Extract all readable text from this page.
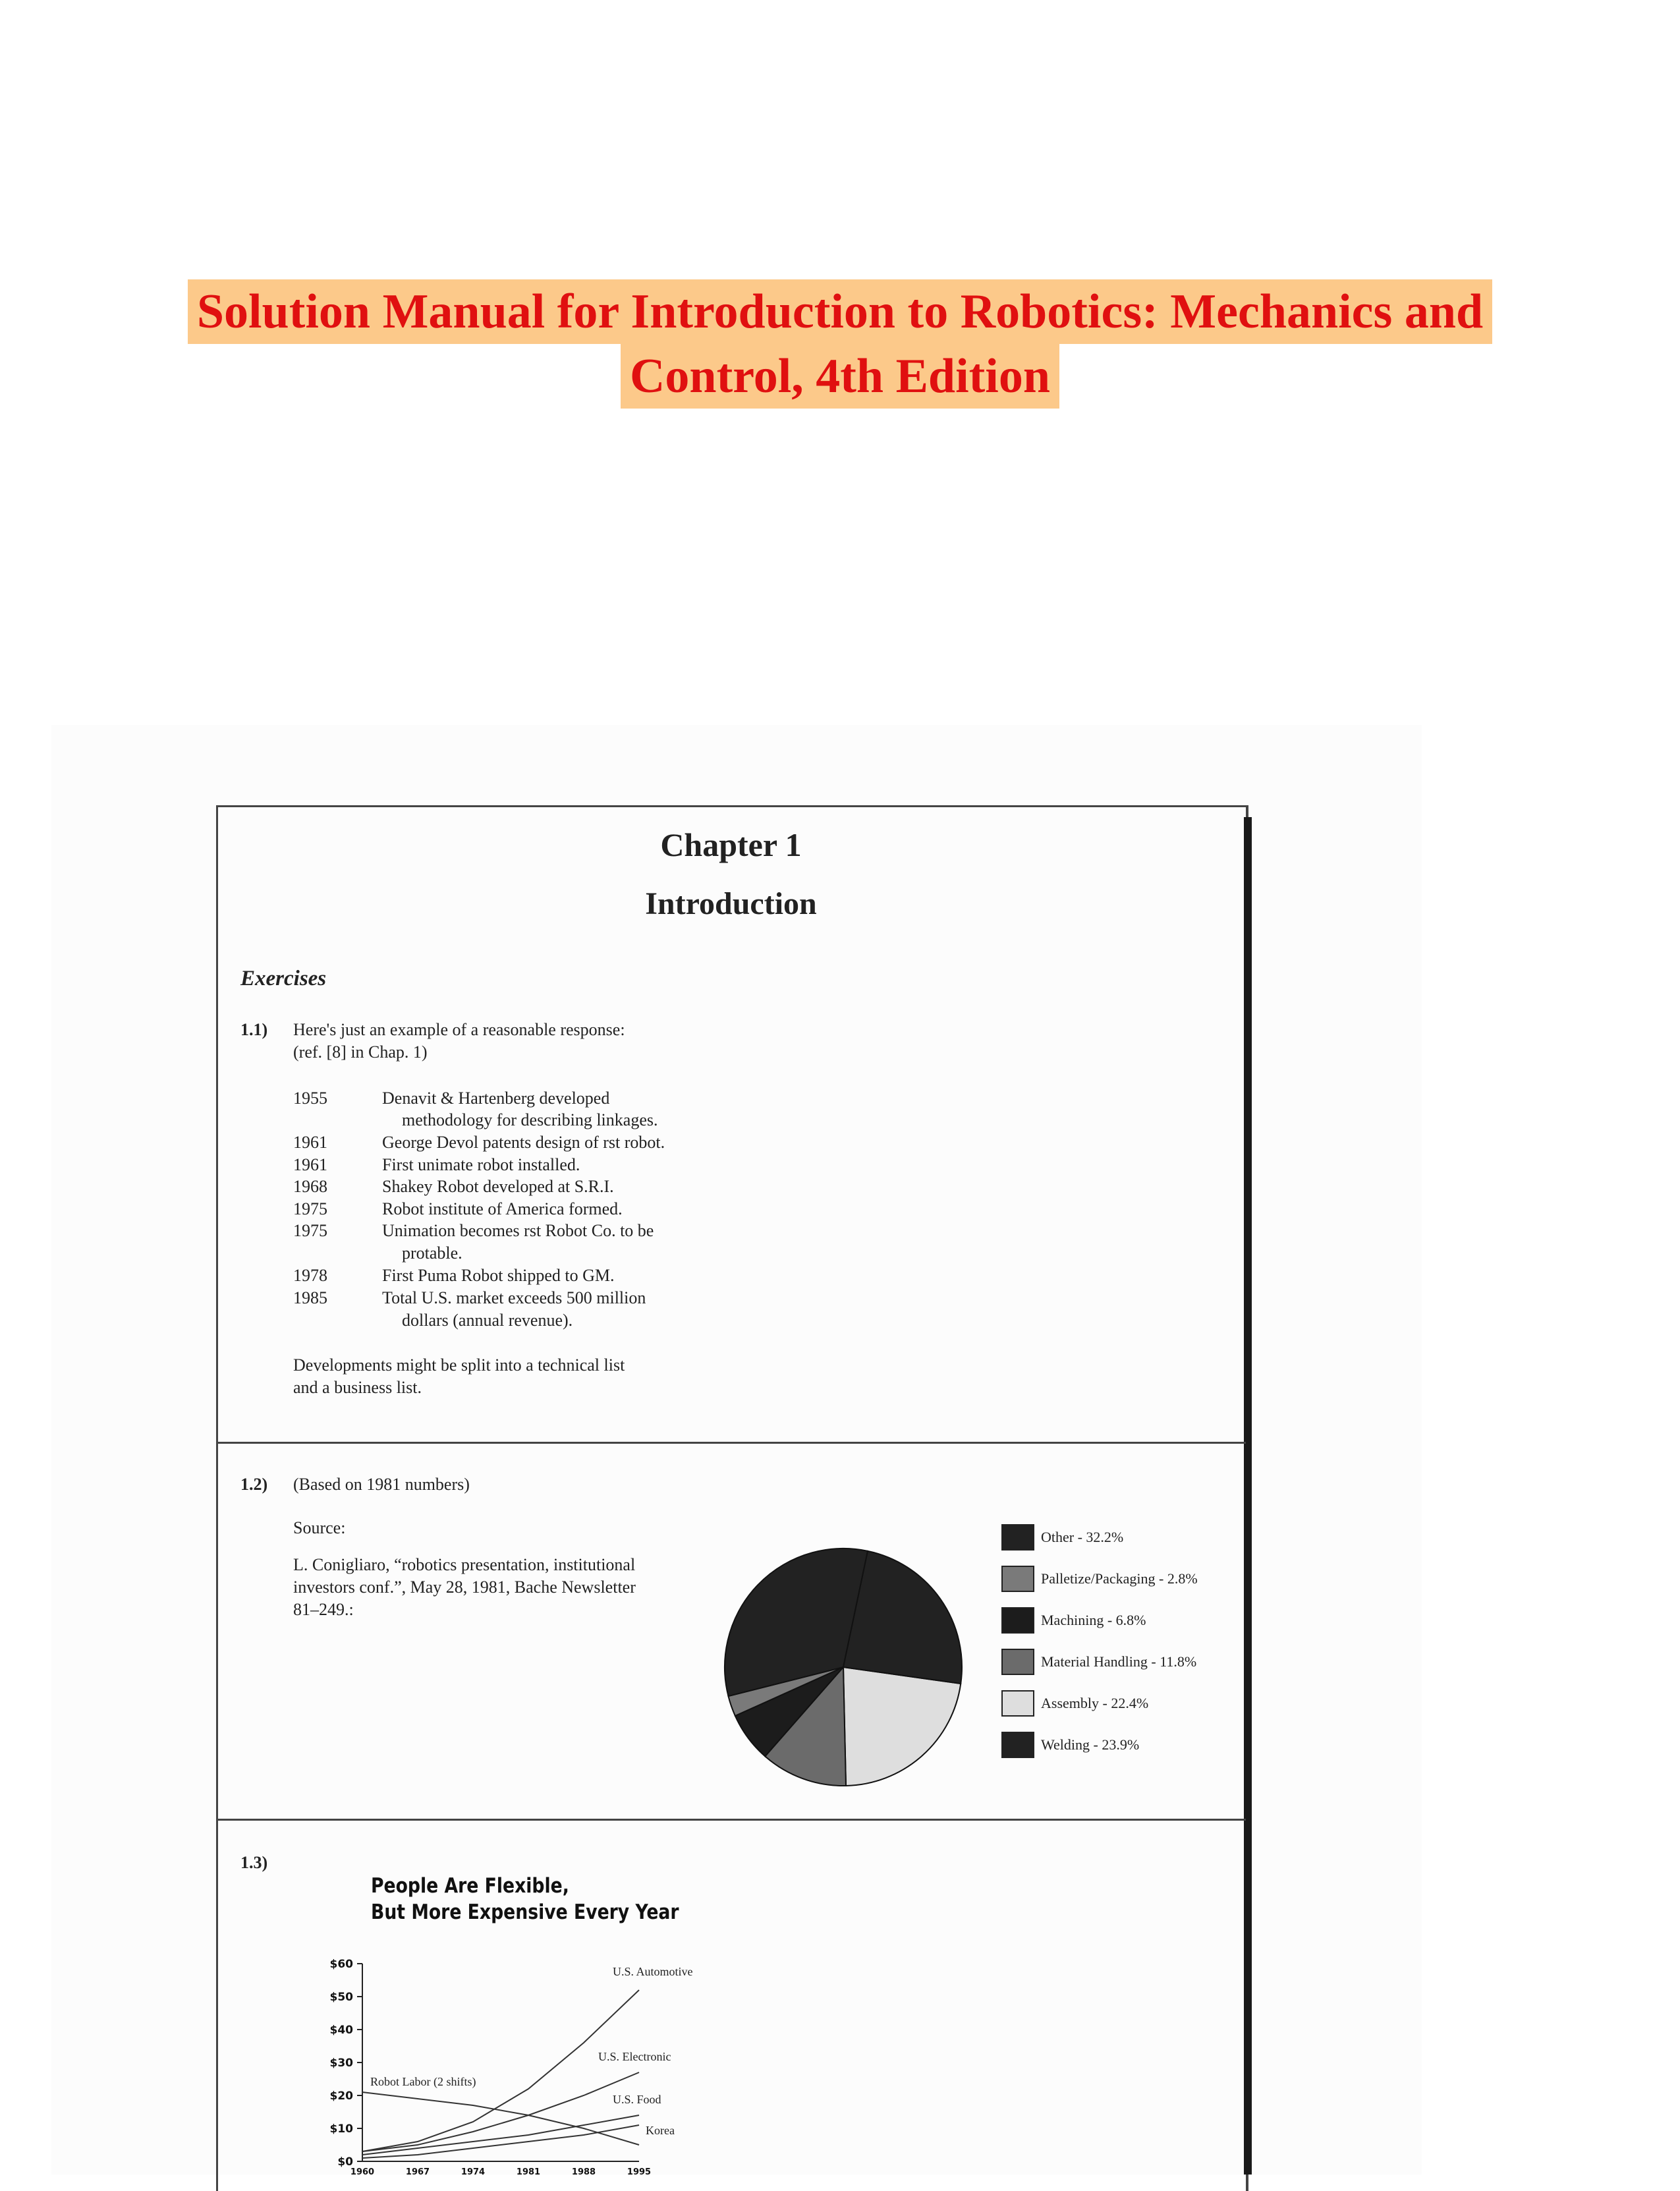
Solution Manual for Introduction to Robotics: Mechanics and
Control, 4th Edition
Chapter 1
Introduction
Exercises
1.1) Here's just an example of a reasonable response:
(ref. [8] in Chap. 1)
1955	Denavit & Hartenberg developed
methodology for describing linkages.
1961	George Devol patents design of rst robot.
1961	First unimate robot installed.
1968	Shakey Robot developed at S.R.I.
1975	Robot institute of America formed.
1975	Unimation becomes rst Robot Co. to be
protable.
1978	First Puma Robot shipped to GM.
1985	Total U.S. market exceeds 500 million
dollars (annual revenue).
Developments might be split into a technical list
and a business list.
1.2) (Based on 1981 numbers)
Source:
L. Conigliaro, “robotics presentation, institutional
investors conf.”, May 28, 1981, Bache Newsletter
81–249.:
Other - 32.2%
Palletize/Packaging - 2.8%
Machining - 6.8%
Material Handling - 11.8%
Assembly - 22.4%
Welding - 23.9%
1.3)
People Are Flexible,
But More Expensive Every Year
$60
$50
$40
$30
$20
$10
$0
1960	1967	1974	1981	1988	1995
U.S. Automotive
U.S. Electronic
U.S. Food
Korea
Robot Labor (2 shifts)
